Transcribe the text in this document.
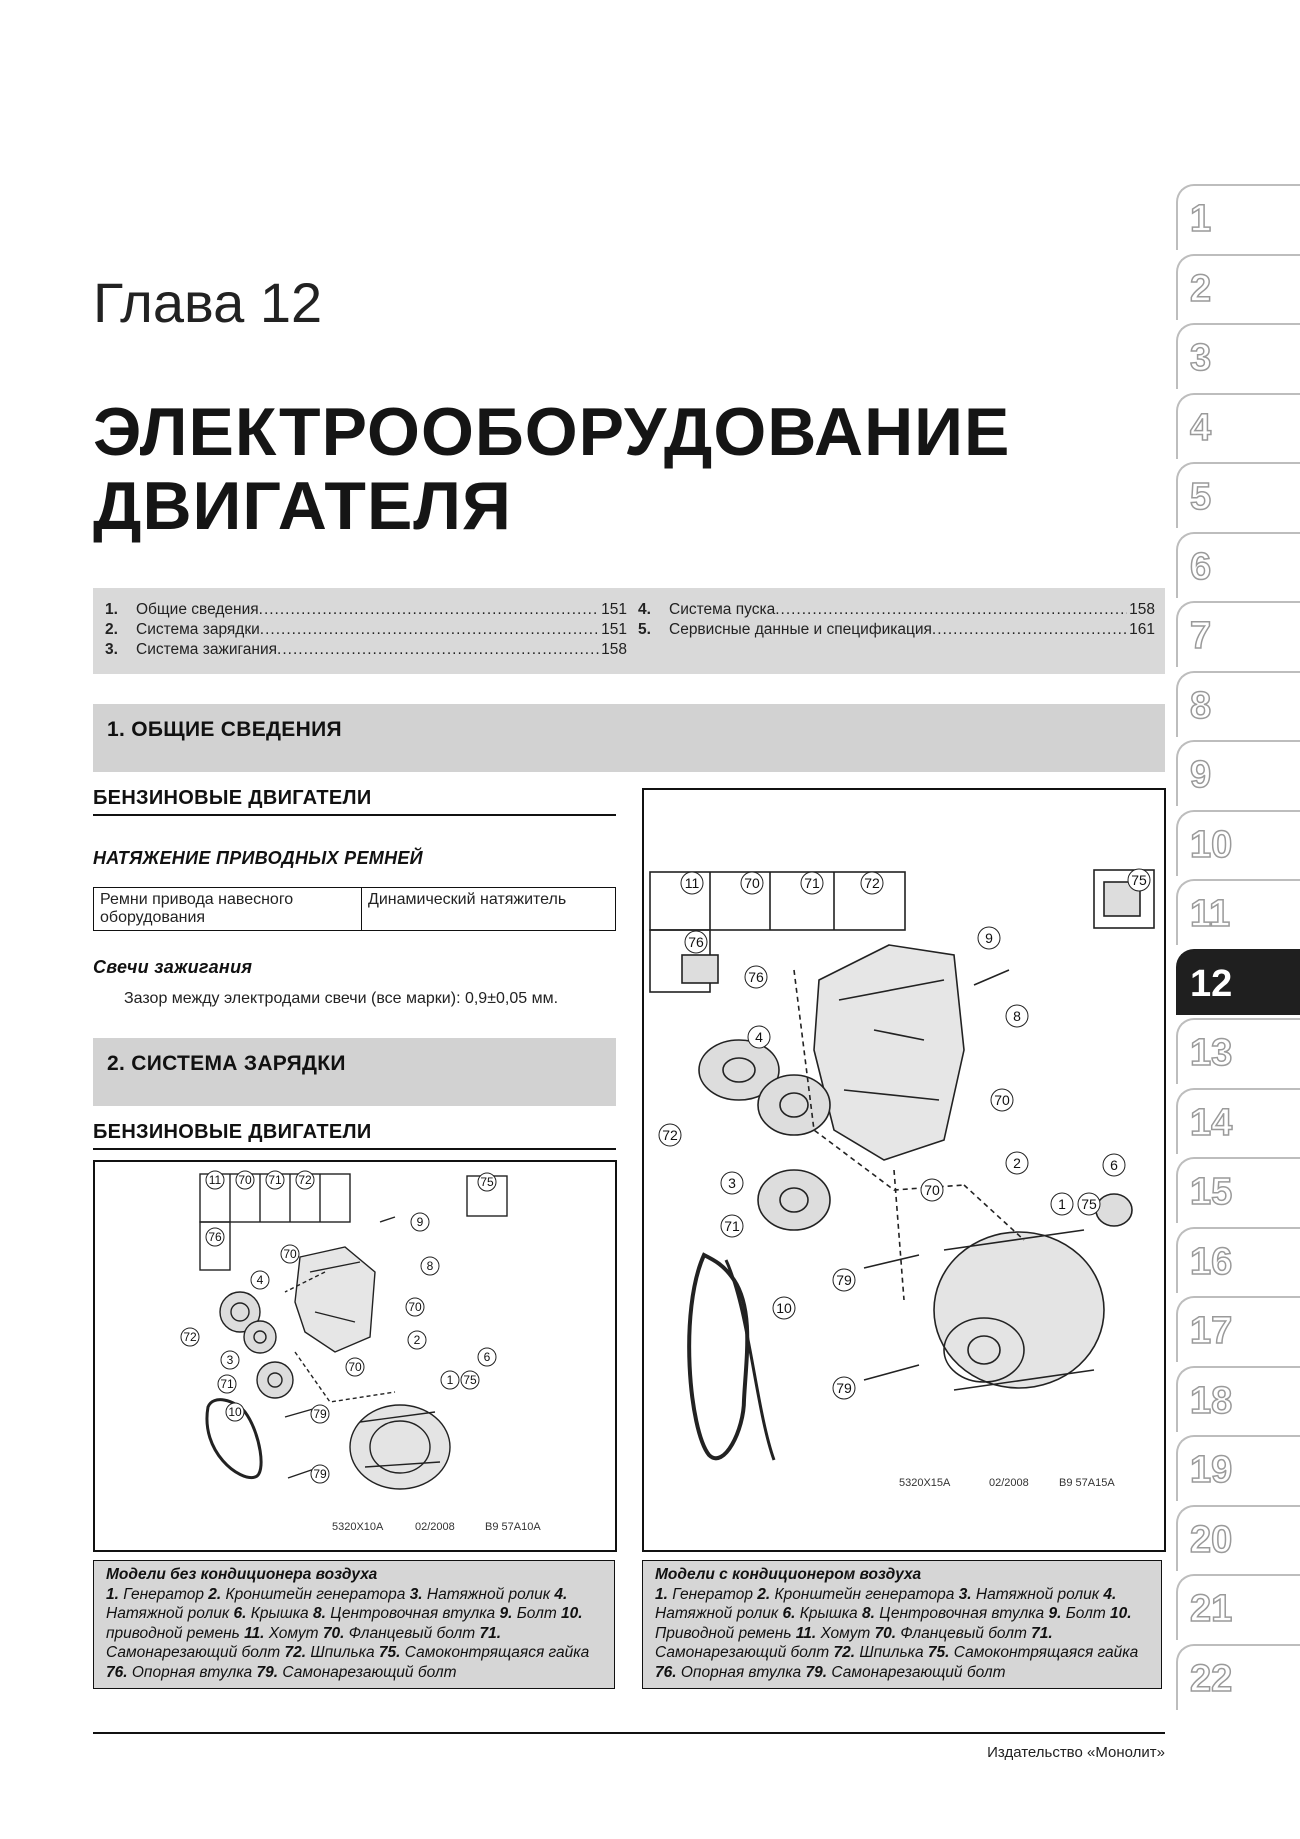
Глава 12
ЭЛЕКТРООБОРУДОВАНИЕ
ДВИГАТЕЛЯ
1.	Общие сведения .....	151
2.	Система зарядки .....	151
3.	Система зажигания .....	158
4.	Система пуска .....	158
5.	Сервисные данные и спецификация .....	161
1. ОБЩИЕ СВЕДЕНИЯ
БЕНЗИНОВЫЕ ДВИГАТЕЛИ
НАТЯЖЕНИЕ ПРИВОДНЫХ РЕМНЕЙ
Ремни привода навесного оборудования	Динамический натяжитель
Свечи зажигания
Зазор между электродами свечи (все марки): 0,9±0,05 мм.
2. СИСТЕМА ЗАРЯДКИ
БЕНЗИНОВЫЕ ДВИГАТЕЛИ
11 70 71 72	75
76
9
8
4
70
72
3
71
10
70
2
70
6
1 75
79
79
5320X10A	02/2008	B9 57A10A
Модели без кондиционера воздуха
1. Генератор 2. Кронштейн генератора 3. Натяжной ролик 4. Натяжной ролик 6. Крышка 8. Центровочная втулка 9. Болт 10. приводной ремень 11. Хомут 70. Фланцевый болт 71. Самонарезающий болт 72. Шпилька 75. Самоконтрящаяся гайка 76. Опорная втулка 79. Самонарезающий болт
11	70	71	72	75
76	9
8
76
4
70
72
2
3
71
70
6
1 75
10
79
79
5320X15A	02/2008	B9 57A15A
Модели с кондиционером воздуха
1. Генератор 2. Кронштейн генератора 3. Натяжной ролик 4. Натяжной ролик 6. Крышка 8. Центровочная втулка 9. Болт 10. Приводной ремень 11. Хомут 70. Фланцевый болт 71. Самонарезающий болт 72. Шпилька 75. Самоконтрящаяся гайка 76. Опорная втулка 79. Самонарезающий болт
1
2
3
4
5
6
7
8
9
10
11
12
13
14
15
16
17
18
19
20
21
22
Издательство «Монолит»
